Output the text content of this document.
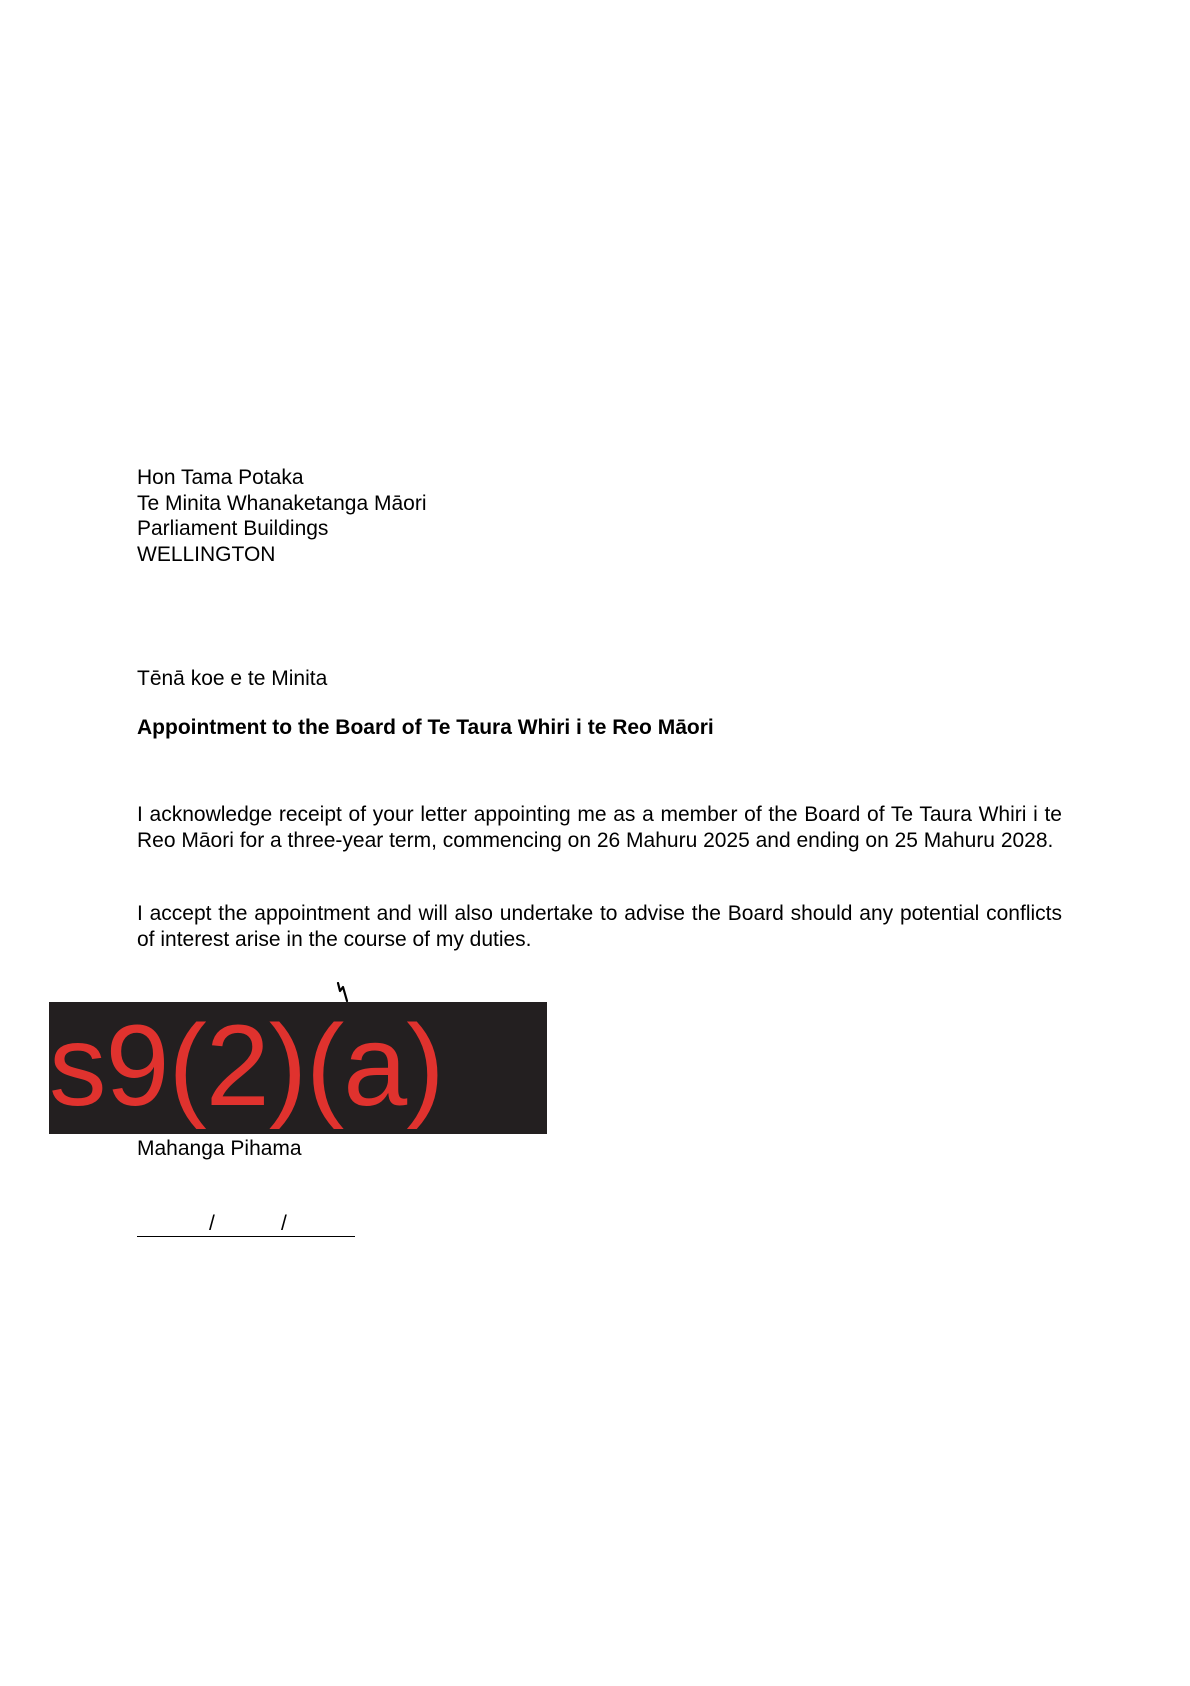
Hon Tama Potaka
Te Minita Whanaketanga Māori
Parliament Buildings
WELLINGTON
Tēnā koe e te Minita
Appointment to the Board of Te Taura Whiri i te Reo Māori
I acknowledge receipt of your letter appointing me as a member of the Board of Te Taura Whiri i te Reo Māori for a three-year term, commencing on 26 Mahuru 2025 and ending on 25 Mahuru 2028.
I accept the appointment and will also undertake to advise the Board should any potential conflicts of interest arise in the course of my duties.
s9(2)(a)
Mahanga Pihama
/	/
